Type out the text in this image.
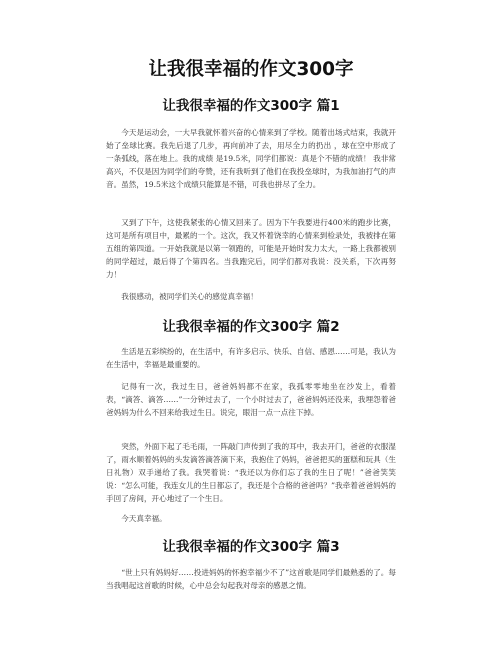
让我很幸福的作文300字
让我很幸福的作文300字 篇1

今天是运动会，一大早我就怀着兴奋的心情来到了学校。随着出场式结束，我就开始了垒球比赛。我先后退了几步，再向前冲了去，用尽全力的扔出 ，球在空中形成了一条弧线，落在地上。我的成绩 是19.5米，同学们都说：真是个不错的成绩！ 我非常高兴，不仅是因为同学们的夸赞，还有我听到了他们在我投垒球时，为我加油打气的声音。虽然，19.5米这个成绩只能算是不错，可我也拼尽了全力。

又到了下午，这使我紧张的心情又回来了。因为下午我要进行400米的跑步比赛，这可是所有项目中，最累的一个。这次，我又怀着饶幸的心情来到检录处，我被排在第五组的第四道。一开始我就是以第一领跑的，可能是开始时发力太大，一路上我都被别的同学超过，最后得了个第四名。当我跑完后，同学们都对我说：没关系，下次再努力！

我很感动，被同学们关心的感觉真幸福！

让我很幸福的作文300字 篇2

生活是五彩缤纷的，在生活中，有许多启示、快乐、自信、感恩……可是，我认为在生活中，幸福是最重要的。

记得有一次，我过生日，爸爸妈妈都不在家，我孤零零地坐在沙发上，看着表，“滴答、滴答……”一分钟过去了，一个小时过去了，爸爸妈妈还没来，我埋怨着爸爸妈妈为什么不回来给我过生日。说完，眼泪一点一点往下掉。

突然，外面下起了毛毛雨，一阵敲门声传到了我的耳中，我去开门，爸爸的衣服湿了，雨水顺着妈妈的头发滴答滴答滴下来，我抱住了妈妈，爸爸把买的蛋糕和玩具（生日礼物）双手递给了我。我哭着说：“我还以为你们忘了我的生日了呢！”爸爸笑笑说：“怎么可能，我连女儿的生日都忘了，我还是个合格的爸爸吗？”我牵着爸爸妈妈的手回了房间，开心地过了一个生日。

今天真幸福。

让我很幸福的作文300字 篇3

“世上只有妈妈好……投进妈妈的怀抱幸福少不了”这首歌是同学们最熟悉的了。每当我唱起这首歌的时候，心中总会勾起我对母亲的感恩之情。
